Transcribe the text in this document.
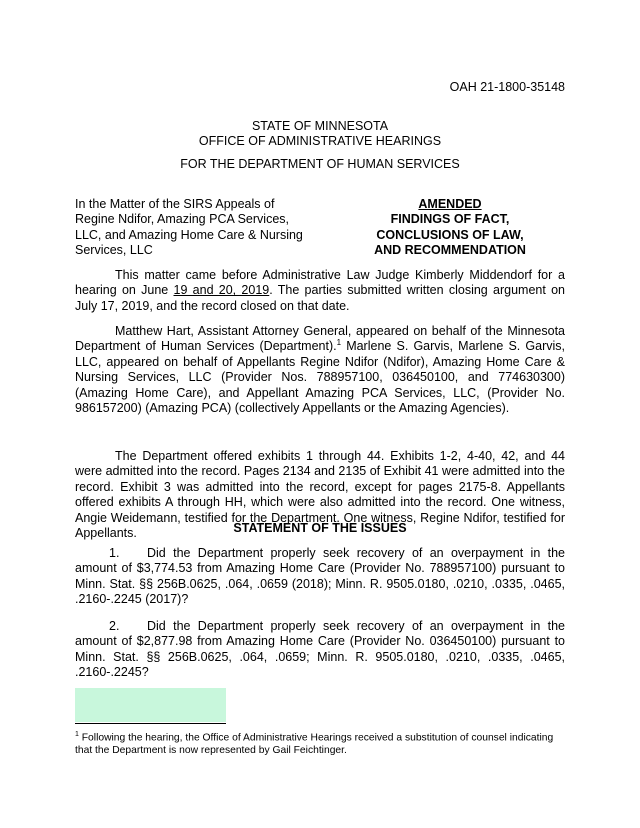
OAH 21-1800-35148
STATE OF MINNESOTA
OFFICE OF ADMINISTRATIVE HEARINGS
FOR THE DEPARTMENT OF HUMAN SERVICES
In the Matter of the SIRS Appeals of
Regine Ndifor, Amazing PCA Services,
LLC, and Amazing Home Care & Nursing
Services, LLC
AMENDED
FINDINGS OF FACT,
CONCLUSIONS OF LAW,
AND RECOMMENDATION

This matter came before Administrative Law Judge Kimberly Middendorf for a hearing on June 19 and 20, 2019. The parties submitted written closing argument on July 17, 2019, and the record closed on that date.

Matthew Hart, Assistant Attorney General, appeared on behalf of the Minnesota Department of Human Services (Department).$^1$ Marlene S. Garvis, Marlene S. Garvis, LLC, appeared on behalf of Appellants Regine Ndifor (Ndifor), Amazing Home Care & Nursing Services, LLC (Provider Nos. 788957100, 036450100, and 774630300) (Amazing Home Care), and Appellant Amazing PCA Services, LLC, (Provider No. 986157200) (Amazing PCA) (collectively Appellants or the Amazing Agencies).

The Department offered exhibits 1 through 44. Exhibits 1-2, 4-40, 42, and 44 were admitted into the record. Pages 2134 and 2135 of Exhibit 41 were admitted into the record. Exhibit 3 was admitted into the record, except for pages 2175-8. Appellants offered exhibits A through HH, which were also admitted into the record. One witness, Angie Weidemann, testified for the Department. One witness, Regine Ndifor, testified for Appellants.	STATEMENT OF THE ISSUES

1. Did the Department properly seek recovery of an overpayment in the amount of $3,774.53 from Amazing Home Care (Provider No. 788957100) pursuant to Minn. Stat. §§ 256B.0625, .064, .0659 (2018); Minn. R. 9505.0180, .0210, .0335, .0465, .2160-.2245 (2017)?

2. Did the Department properly seek recovery of an overpayment in the amount of $2,877.98 from Amazing Home Care (Provider No. 036450100) pursuant to Minn. Stat. §§ 256B.0625, .064, .0659; Minn. R. 9505.0180, .0210, .0335, .0465, .2160-.2245?

$^1$ Following the hearing, the Office of Administrative Hearings received a substitution of counsel indicating that the Department is now represented by Gail Feichtinger.
